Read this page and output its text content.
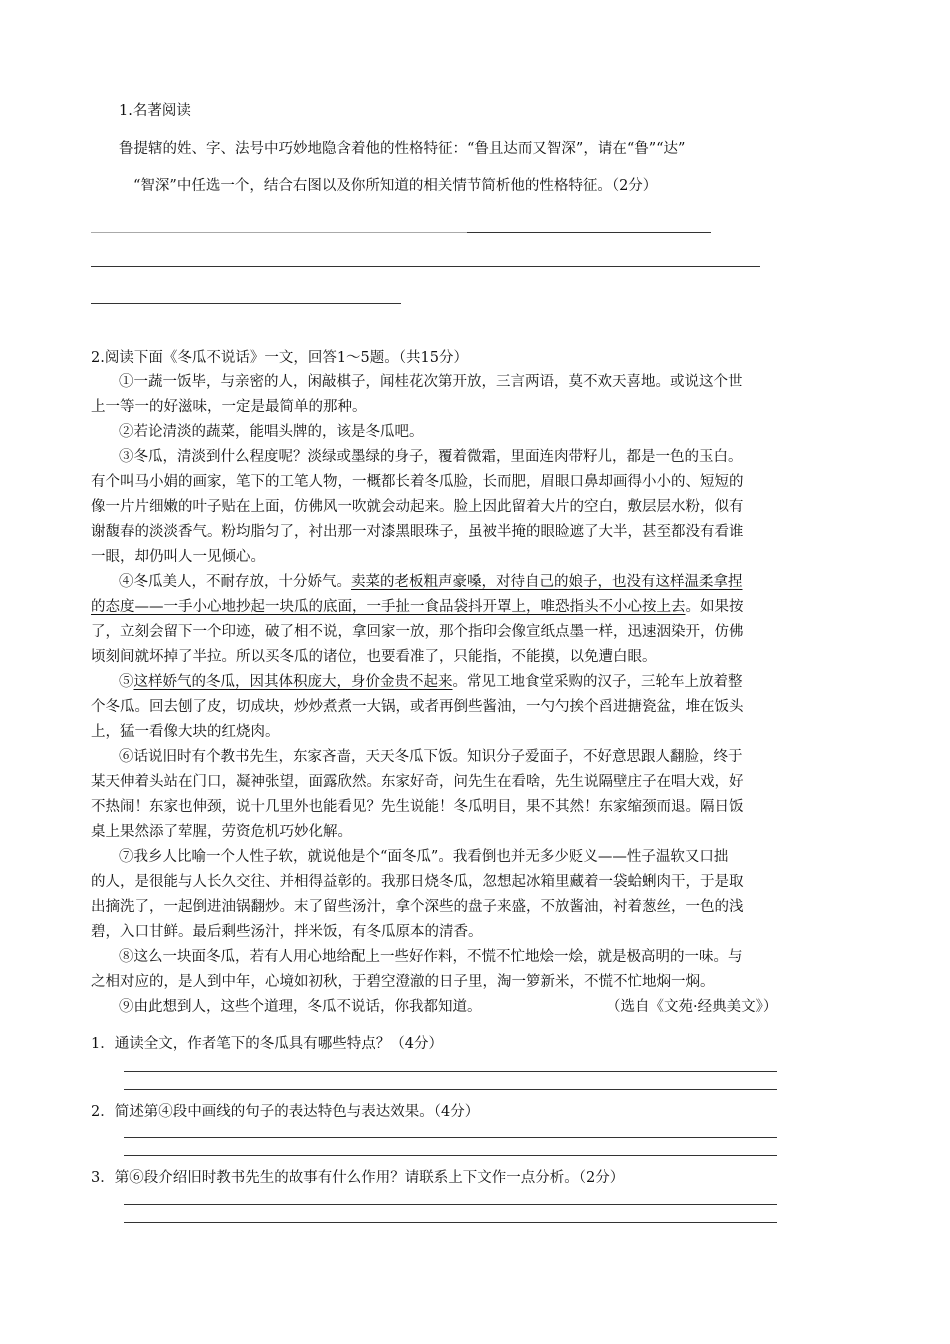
1.名著阅读
鲁提辖的姓、字、法号中巧妙地隐含着他的性格特征：“鲁且达而又智深”，请在“鲁”“达”
“智深”中任选一个，结合右图以及你所知道的相关情节简析他的性格特征。（2分）
2.阅读下面《冬瓜不说话》一文，回答1～5题。（共15分）
①一蔬一饭毕，与亲密的人，闲敲棋子，闻桂花次第开放，三言两语，莫不欢天喜地。或说这个世
上一等一的好滋味，一定是最简单的那种。
②若论清淡的蔬菜，能唱头牌的，该是冬瓜吧。
③冬瓜，清淡到什么程度呢？淡绿或墨绿的身子，覆着微霜，里面连肉带籽儿，都是一色的玉白。
有个叫马小娟的画家，笔下的工笔人物，一概都长着冬瓜脸，长而肥，眉眼口鼻却画得小小的、短短的
像一片片细嫩的叶子贴在上面，仿佛风一吹就会动起来。脸上因此留着大片的空白，敷层层水粉，似有
谢馥春的淡淡香气。粉均脂匀了，衬出那一对漆黑眼珠子，虽被半掩的眼睑遮了大半，甚至都没有看谁
一眼，却仍叫人一见倾心。
④冬瓜美人，不耐存放，十分娇气。卖菜的老板粗声豪嗓，对待自己的娘子，也没有这样温柔拿捏
的态度——一手小心地抄起一块瓜的底面，一手扯一食品袋抖开罩上，唯恐指头不小心按上去。如果按
了，立刻会留下一个印迹，破了相不说，拿回家一放，那个指印会像宣纸点墨一样，迅速洇染开，仿佛
顷刻间就坏掉了半拉。所以买冬瓜的诸位，也要看准了，只能指，不能摸，以免遭白眼。
⑤这样娇气的冬瓜，因其体积庞大，身价金贵不起来。常见工地食堂采购的汉子，三轮车上放着整
个冬瓜。回去刨了皮，切成块，炒炒煮煮一大锅，或者再倒些酱油，一勺勺挨个舀进搪瓷盆，堆在饭头
上，猛一看像大块的红烧肉。
⑥话说旧时有个教书先生，东家吝啬，天天冬瓜下饭。知识分子爱面子，不好意思跟人翻脸，终于
某天伸着头站在门口，凝神张望，面露欣然。东家好奇，问先生在看啥，先生说隔壁庄子在唱大戏，好
不热闹！东家也伸颈，说十几里外也能看见？先生说能！冬瓜明目，果不其然！东家缩颈而退。隔日饭
桌上果然添了荤腥，劳资危机巧妙化解。
⑦我乡人比喻一个人性子软，就说他是个“面冬瓜”。我看倒也并无多少贬义——性子温软又口拙
的人，是很能与人长久交往、并相得益彰的。我那日烧冬瓜，忽想起冰箱里藏着一袋蛤蜊肉干，于是取
出摘洗了，一起倒进油锅翻炒。末了留些汤汁，拿个深些的盘子来盛，不放酱油，衬着葱丝，一色的浅
碧，入口甘鲜。最后剩些汤汁，拌米饭，有冬瓜原本的清香。
⑧这么一块面冬瓜，若有人用心地给配上一些好作料，不慌不忙地烩一烩，就是极高明的一味。与
之相对应的，是人到中年，心境如初秋，于碧空澄澈的日子里，淘一箩新米，不慌不忙地焖一焖。
⑨由此想到人，这些个道理，冬瓜不说话，你我都知道。	（选自《文苑·经典美文》）
1．通读全文，作者笔下的冬瓜具有哪些特点？（4分）
2．简述第④段中画线的句子的表达特色与表达效果。（4分）
3．第⑥段介绍旧时教书先生的故事有什么作用？请联系上下文作一点分析。（2分）
